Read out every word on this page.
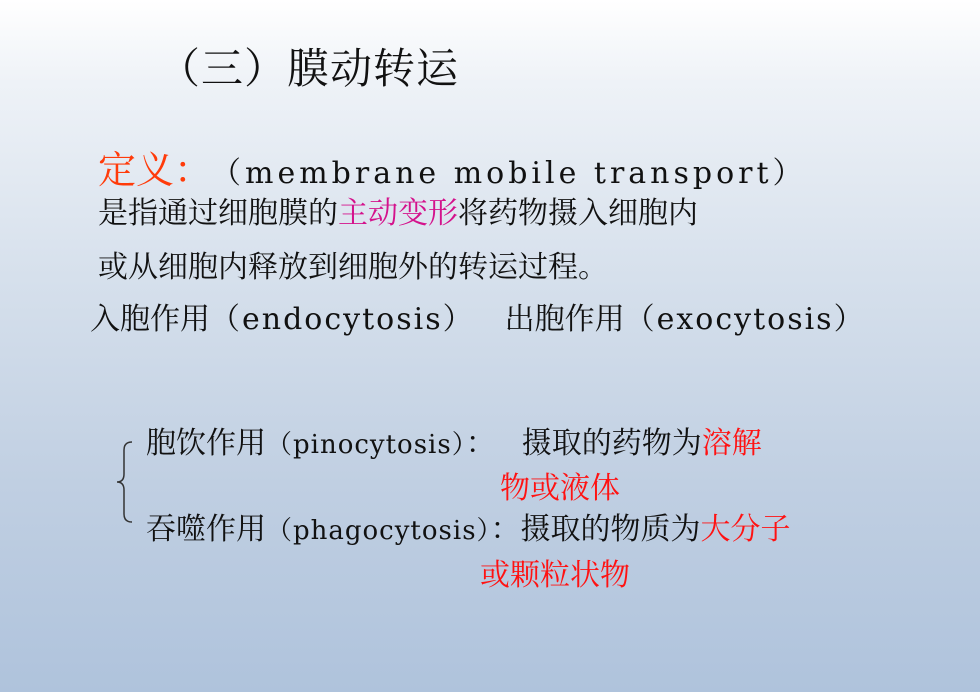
（三）膜动转运
定义： （membrane mobile transport）
是指通过细胞膜的主动变形将药物摄入细胞内
或从细胞内释放到细胞外的转运过程。
入胞作用（endocytosis） 出胞作用（exocytosis）
胞饮作用（pinocytosis）： 摄取的药物为溶解
物或液体
吞噬作用（phagocytosis）：摄取的物质为大分子
或颗粒状物
